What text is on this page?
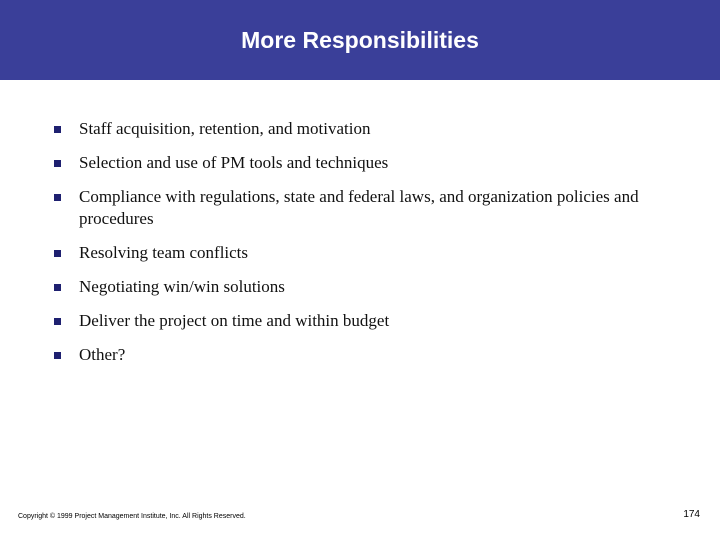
More Responsibilities
Staff acquisition, retention, and motivation
Selection and use of PM tools and techniques
Compliance with regulations, state and federal laws, and organization policies and procedures
Resolving team conflicts
Negotiating win/win solutions
Deliver the project on time and within budget
Other?
Copyright © 1999 Project Management Institute, Inc. All Rights Reserved.	174
